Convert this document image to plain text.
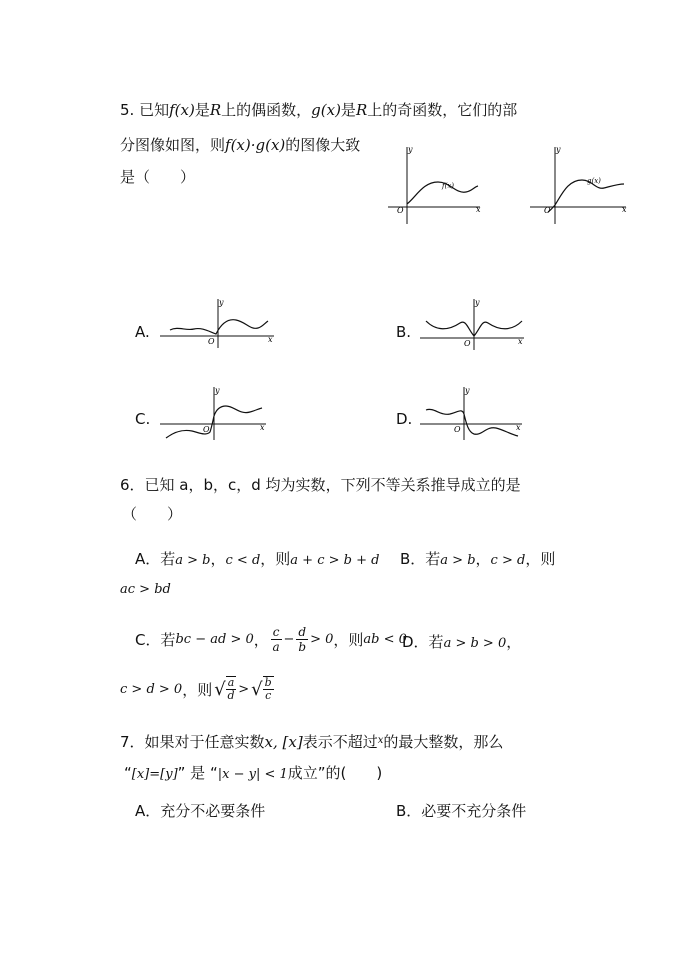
5. 已知f(x)是R上的偶函数，g(x)是R上的奇函数，它们的部
分图像如图，则f(x)·g(x)的图像大致
是（　　）
y
x
O
f(x)
y
x
O
g(x)
A.
y
x
O
B.
y
x
O
C.
y
x
O
D.
y
x
O
6．已知 a，b，c，d 均为实数，下列不等关系推导成立的是
（　　）
A．若a > b，c < d，则a + c > b + d B．若a > b，c > d，则
ac > bd
C．若 bc − ad > 0 ， c
$a - \frac{d}{b} > 0$ ，则 ab < 0
D．若a > b > 0，
c > d > 0 ，则 √ a
d > √ b
c
7．如果对于任意实数x, [x]表示不超过$^x$的最大整数，那么
“[x]=[y]” 是 “|x − y| < 1成立”的(　　)
A．充分不必要条件	B．必要不充分条件
